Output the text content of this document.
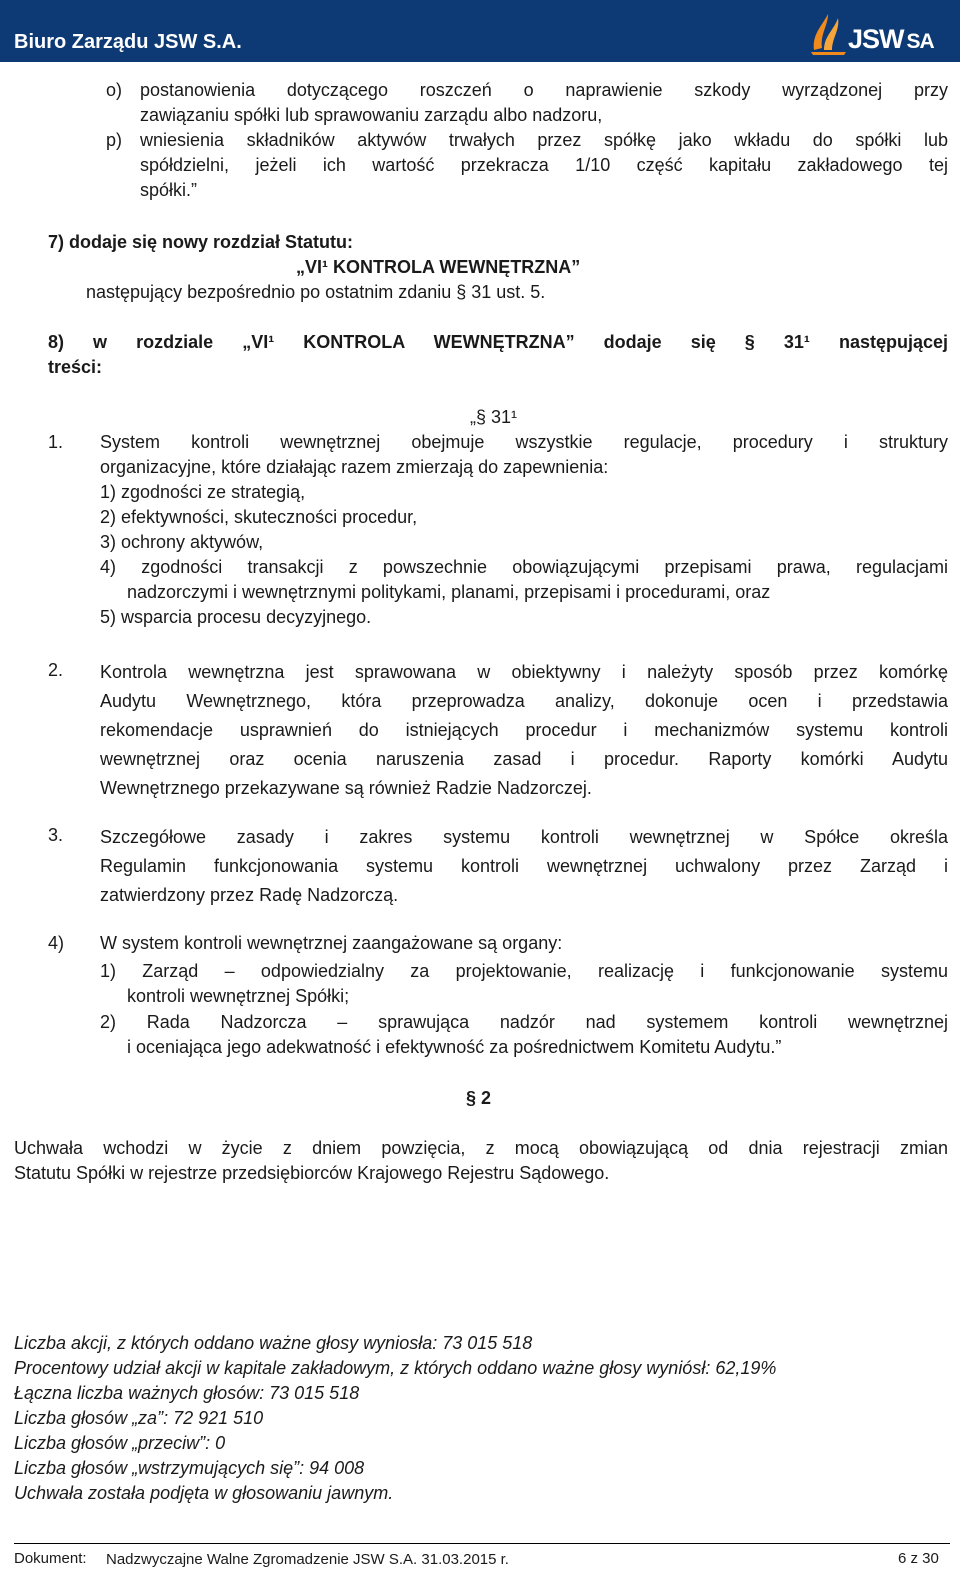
Biuro Zarządu JSW S.A.	JSW SA
o) postanowienia dotyczącego roszczeń o naprawienie szkody wyrządzonej przy
zawiązaniu spółki lub sprawowaniu zarządu albo nadzoru,
p) wniesienia składników aktywów trwałych przez spółkę jako wkładu do spółki lub
spółdzielni, jeżeli ich wartość przekracza 1/10 część kapitału zakładowego tej
spółki.”
7) dodaje się nowy rozdział Statutu:
„VI¹ KONTROLA WEWNĘTRZNA”
następujący bezpośrednio po ostatnim zdaniu § 31 ust. 5.
8) w rozdziale „VI¹ KONTROLA WEWNĘTRZNA” dodaje się § 31¹ następującej
treści:
„§ 31¹
1. System kontroli wewnętrznej obejmuje wszystkie regulacje, procedury i struktury
organizacyjne, które działając razem zmierzają do zapewnienia:
1) zgodności ze strategią,
2) efektywności, skuteczności procedur,
3) ochrony aktywów,
4) zgodności transakcji z powszechnie obowiązującymi przepisami prawa, regulacjami
nadzorczymi i wewnętrznymi politykami, planami, przepisami i procedurami, oraz
5) wsparcia procesu decyzyjnego.
2. Kontrola wewnętrzna jest sprawowana w obiektywny i należyty sposób przez komórkę
Audytu Wewnętrznego, która przeprowadza analizy, dokonuje ocen i przedstawia
rekomendacje usprawnień do istniejących procedur i mechanizmów systemu kontroli
wewnętrznej oraz ocenia naruszenia zasad i procedur. Raporty komórki Audytu
Wewnętrznego przekazywane są również Radzie Nadzorczej.
3. Szczegółowe zasady i zakres systemu kontroli wewnętrznej w Spółce określa
Regulamin funkcjonowania systemu kontroli wewnętrznej uchwalony przez Zarząd i
zatwierdzony przez Radę Nadzorczą.
4) W system kontroli wewnętrznej zaangażowane są organy:
1) Zarząd – odpowiedzialny za projektowanie, realizację i funkcjonowanie systemu
kontroli wewnętrznej Spółki;
2) Rada Nadzorcza – sprawująca nadzór nad systemem kontroli wewnętrznej
i oceniająca jego adekwatność i efektywność za pośrednictwem Komitetu Audytu.”
§ 2
Uchwała wchodzi w życie z dniem powzięcia, z mocą obowiązującą od dnia rejestracji zmian
Statutu Spółki w rejestrze przedsiębiorców Krajowego Rejestru Sądowego.
Liczba akcji, z których oddano ważne głosy wyniosła: 73 015 518
Procentowy udział akcji w kapitale zakładowym, z których oddano ważne głosy wyniósł: 62,19%
Łączna liczba ważnych głosów: 73 015 518
Liczba głosów „za”: 72 921 510
Liczba głosów „przeciw”: 0
Liczba głosów „wstrzymujących się”: 94 008
Uchwała została podjęta w głosowaniu jawnym.
Dokument: Nadzwyczajne Walne Zgromadzenie JSW S.A. 31.03.2015 r.	6 z 30
